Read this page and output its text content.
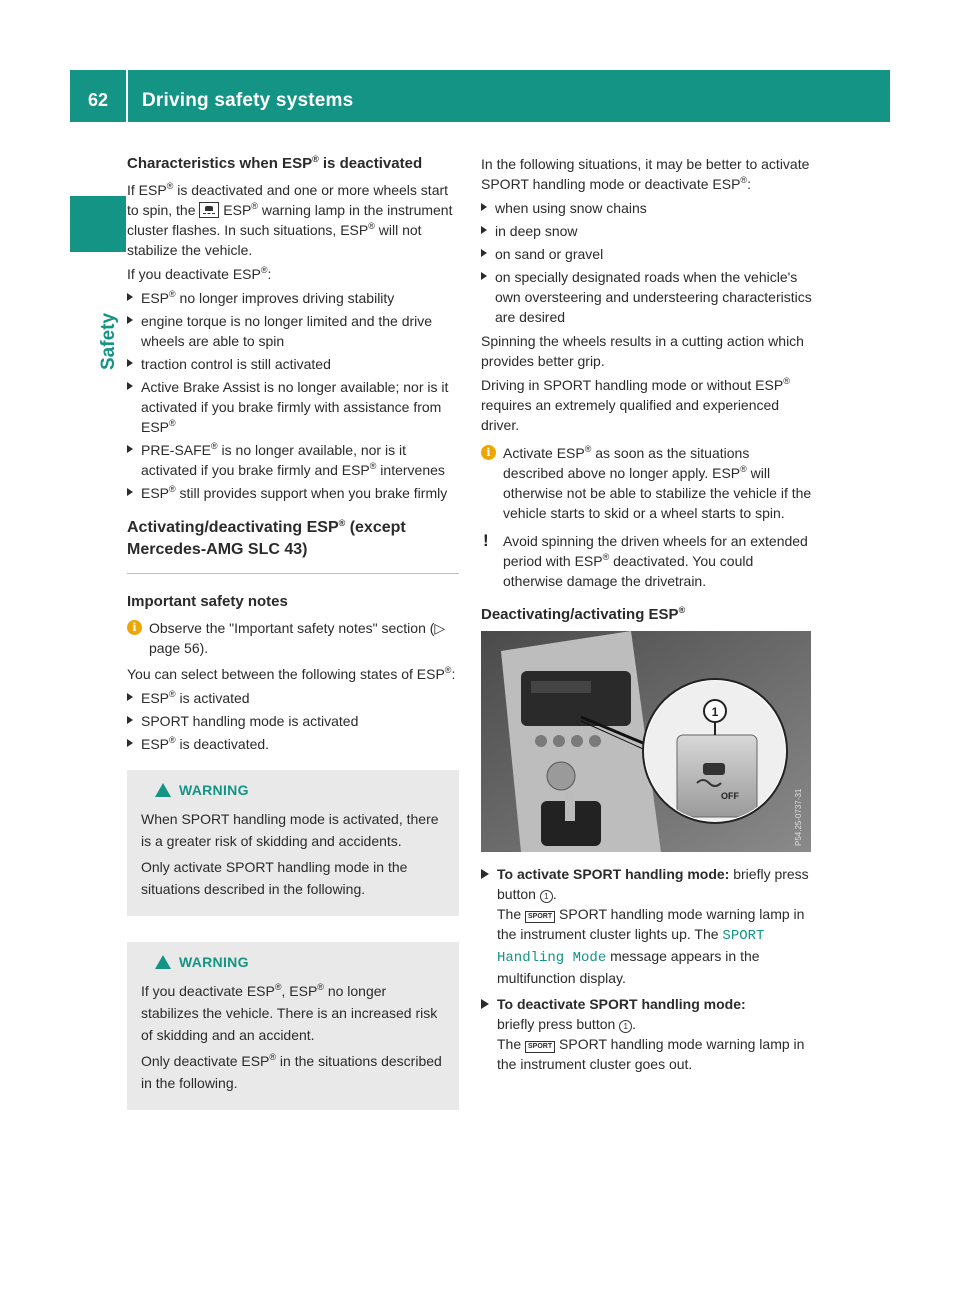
62	Driving safety systems
Safety
Characteristics when ESP® is deactivated

If ESP® is deactivated and one or more wheels start to spin, the  ESP® warning lamp in the instrument cluster flashes. In such situations, ESP® will not stabilize the vehicle.

If you deactivate ESP®:

ESP® no longer improves driving stability
engine torque is no longer limited and the drive wheels are able to spin
traction control is still activated
Active Brake Assist is no longer available; nor is it activated if you brake firmly with assistance from ESP®
PRE-SAFE® is no longer available, nor is it activated if you brake firmly and ESP® intervenes
ESP® still provides support when you brake firmly
Activating/deactivating ESP® (except Mercedes-AMG SLC 43)
Important safety notes
i Observe the "Important safety notes" section (▷ page 56).

You can select between the following states of ESP®:

ESP® is activated
SPORT handling mode is activated
ESP® is deactivated.
WARNING

When SPORT handling mode is activated, there is a greater risk of skidding and accidents.

Only activate SPORT handling mode in the situations described in the following.

WARNING

If you deactivate ESP®, ESP® no longer stabilizes the vehicle. There is an increased risk of skidding and an accident.

Only deactivate ESP® in the situations described in the following.

In the following situations, it may be better to activate SPORT handling mode or deactivate ESP®:

when using snow chains
in deep snow
on sand or gravel
on specially designated roads when the vehicle's own oversteering and understeering characteristics are desired

Spinning the wheels results in a cutting action which provides better grip.

Driving in SPORT handling mode or without ESP® requires an extremely qualified and experienced driver.

i Activate ESP® as soon as the situations described above no longer apply. ESP® will otherwise not be able to stabilize the vehicle if the vehicle starts to skid or a wheel starts to spin.
! Avoid spinning the driven wheels for an extended period with ESP® deactivated. You could otherwise damage the drivetrain.
Deactivating/activating ESP®
1
OFF	P54.25-0737-31
To activate SPORT handling mode: briefly press button 1 .
The SPORT SPORT handling mode warning lamp in the instrument cluster lights up. The SPORT Handling Mode message appears in the multifunction display.
To deactivate SPORT handling mode:
briefly press button 1 .
The SPORT SPORT handling mode warning lamp in the instrument cluster goes out.
